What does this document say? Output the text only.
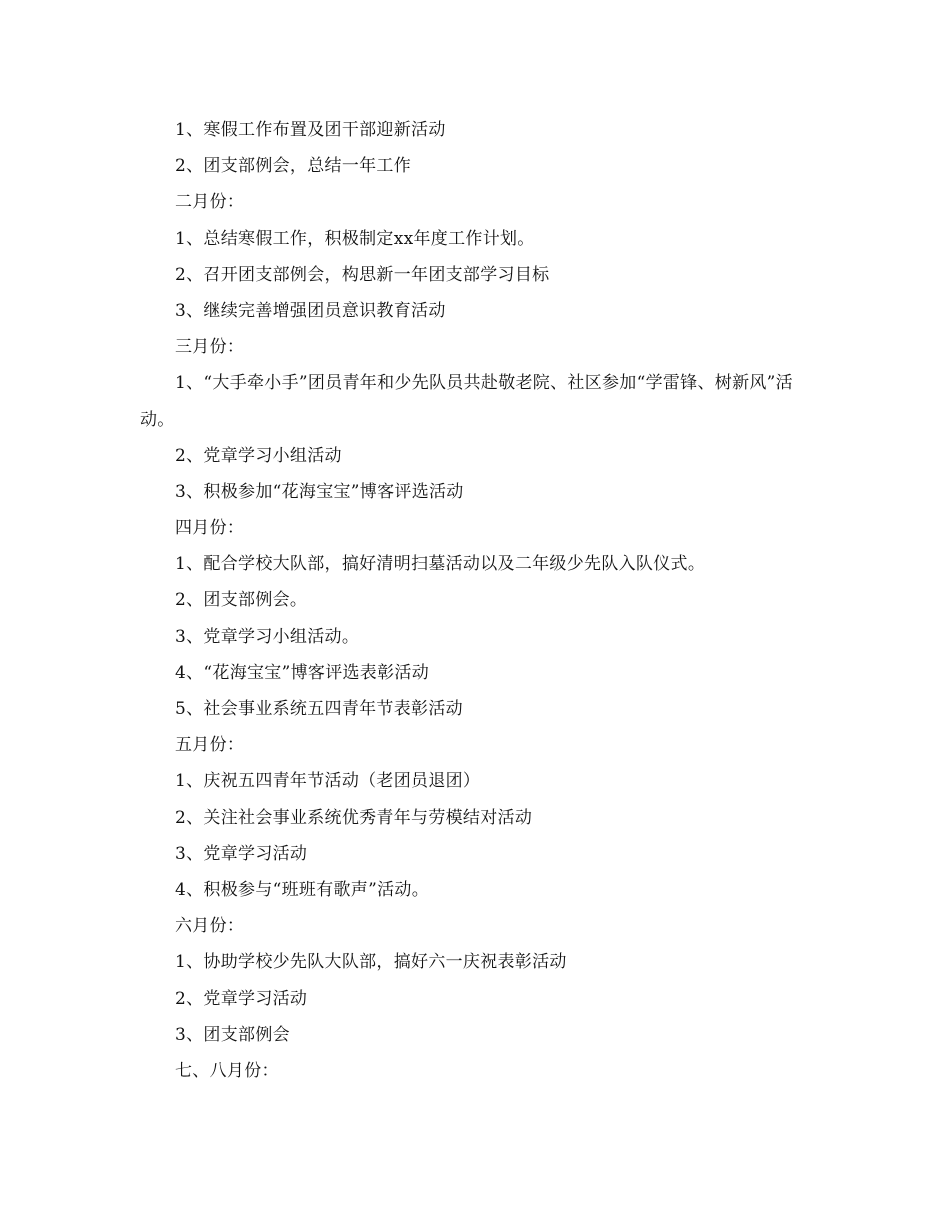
1、寒假工作布置及团干部迎新活动
2、团支部例会，总结一年工作
二月份：
1、总结寒假工作，积极制定xx年度工作计划。
2、召开团支部例会，构思新一年团支部学习目标
3、继续完善增强团员意识教育活动
三月份：
1、“大手牵小手”团员青年和少先队员共赴敬老院、社区参加“学雷锋、树新风”活动。
2、党章学习小组活动
3、积极参加“花海宝宝”博客评选活动
四月份：
1、配合学校大队部，搞好清明扫墓活动以及二年级少先队入队仪式。
2、团支部例会。
3、党章学习小组活动。
4、“花海宝宝”博客评选表彰活动
5、社会事业系统五四青年节表彰活动
五月份：
1、庆祝五四青年节活动（老团员退团）
2、关注社会事业系统优秀青年与劳模结对活动
3、党章学习活动
4、积极参与“班班有歌声”活动。
六月份：
1、协助学校少先队大队部，搞好六一庆祝表彰活动
2、党章学习活动
3、团支部例会
七、八月份：
